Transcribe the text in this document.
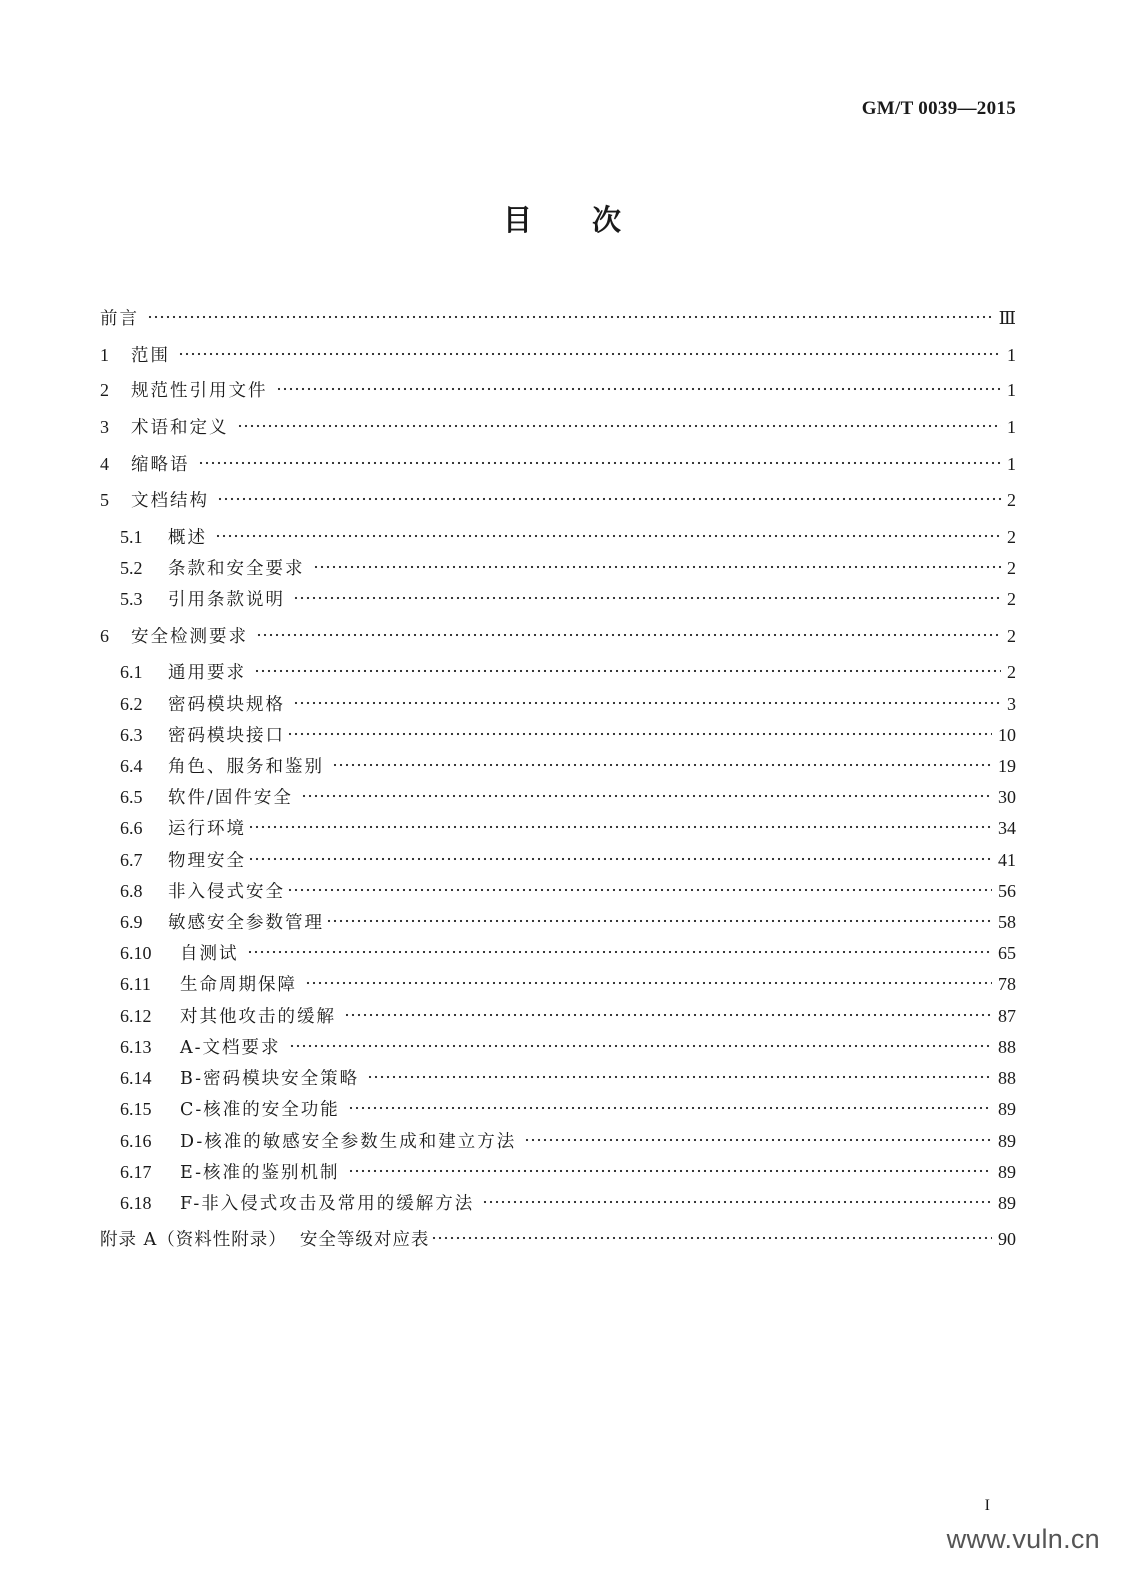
GM/T 0039—2015
目次
前言	Ⅲ
1	范围	1
2	规范性引用文件	1
3	术语和定义	1
4	缩略语	1
5	文档结构	2
5.1	概述	2
5.2	条款和安全要求	2
5.3	引用条款说明	2
6	安全检测要求	2
6.1	通用要求	2
6.2	密码模块规格	3
6.3	密码模块接口	10
6.4	角色、服务和鉴别	19
6.5	软件/固件安全	30
6.6	运行环境	34
6.7	物理安全	41
6.8	非入侵式安全	56
6.9	敏感安全参数管理	58
6.10	自测试	65
6.11	生命周期保障	78
6.12	对其他攻击的缓解	87
6.13	A-文档要求	88
6.14	B-密码模块安全策略	88
6.15	C-核准的安全功能	89
6.16	D-核准的敏感安全参数生成和建立方法	89
6.17	E-核准的鉴别机制	89
6.18	F-非入侵式攻击及常用的缓解方法	89
附录 A（资料性附录）  安全等级对应表	90
I
www.vuln.cn
